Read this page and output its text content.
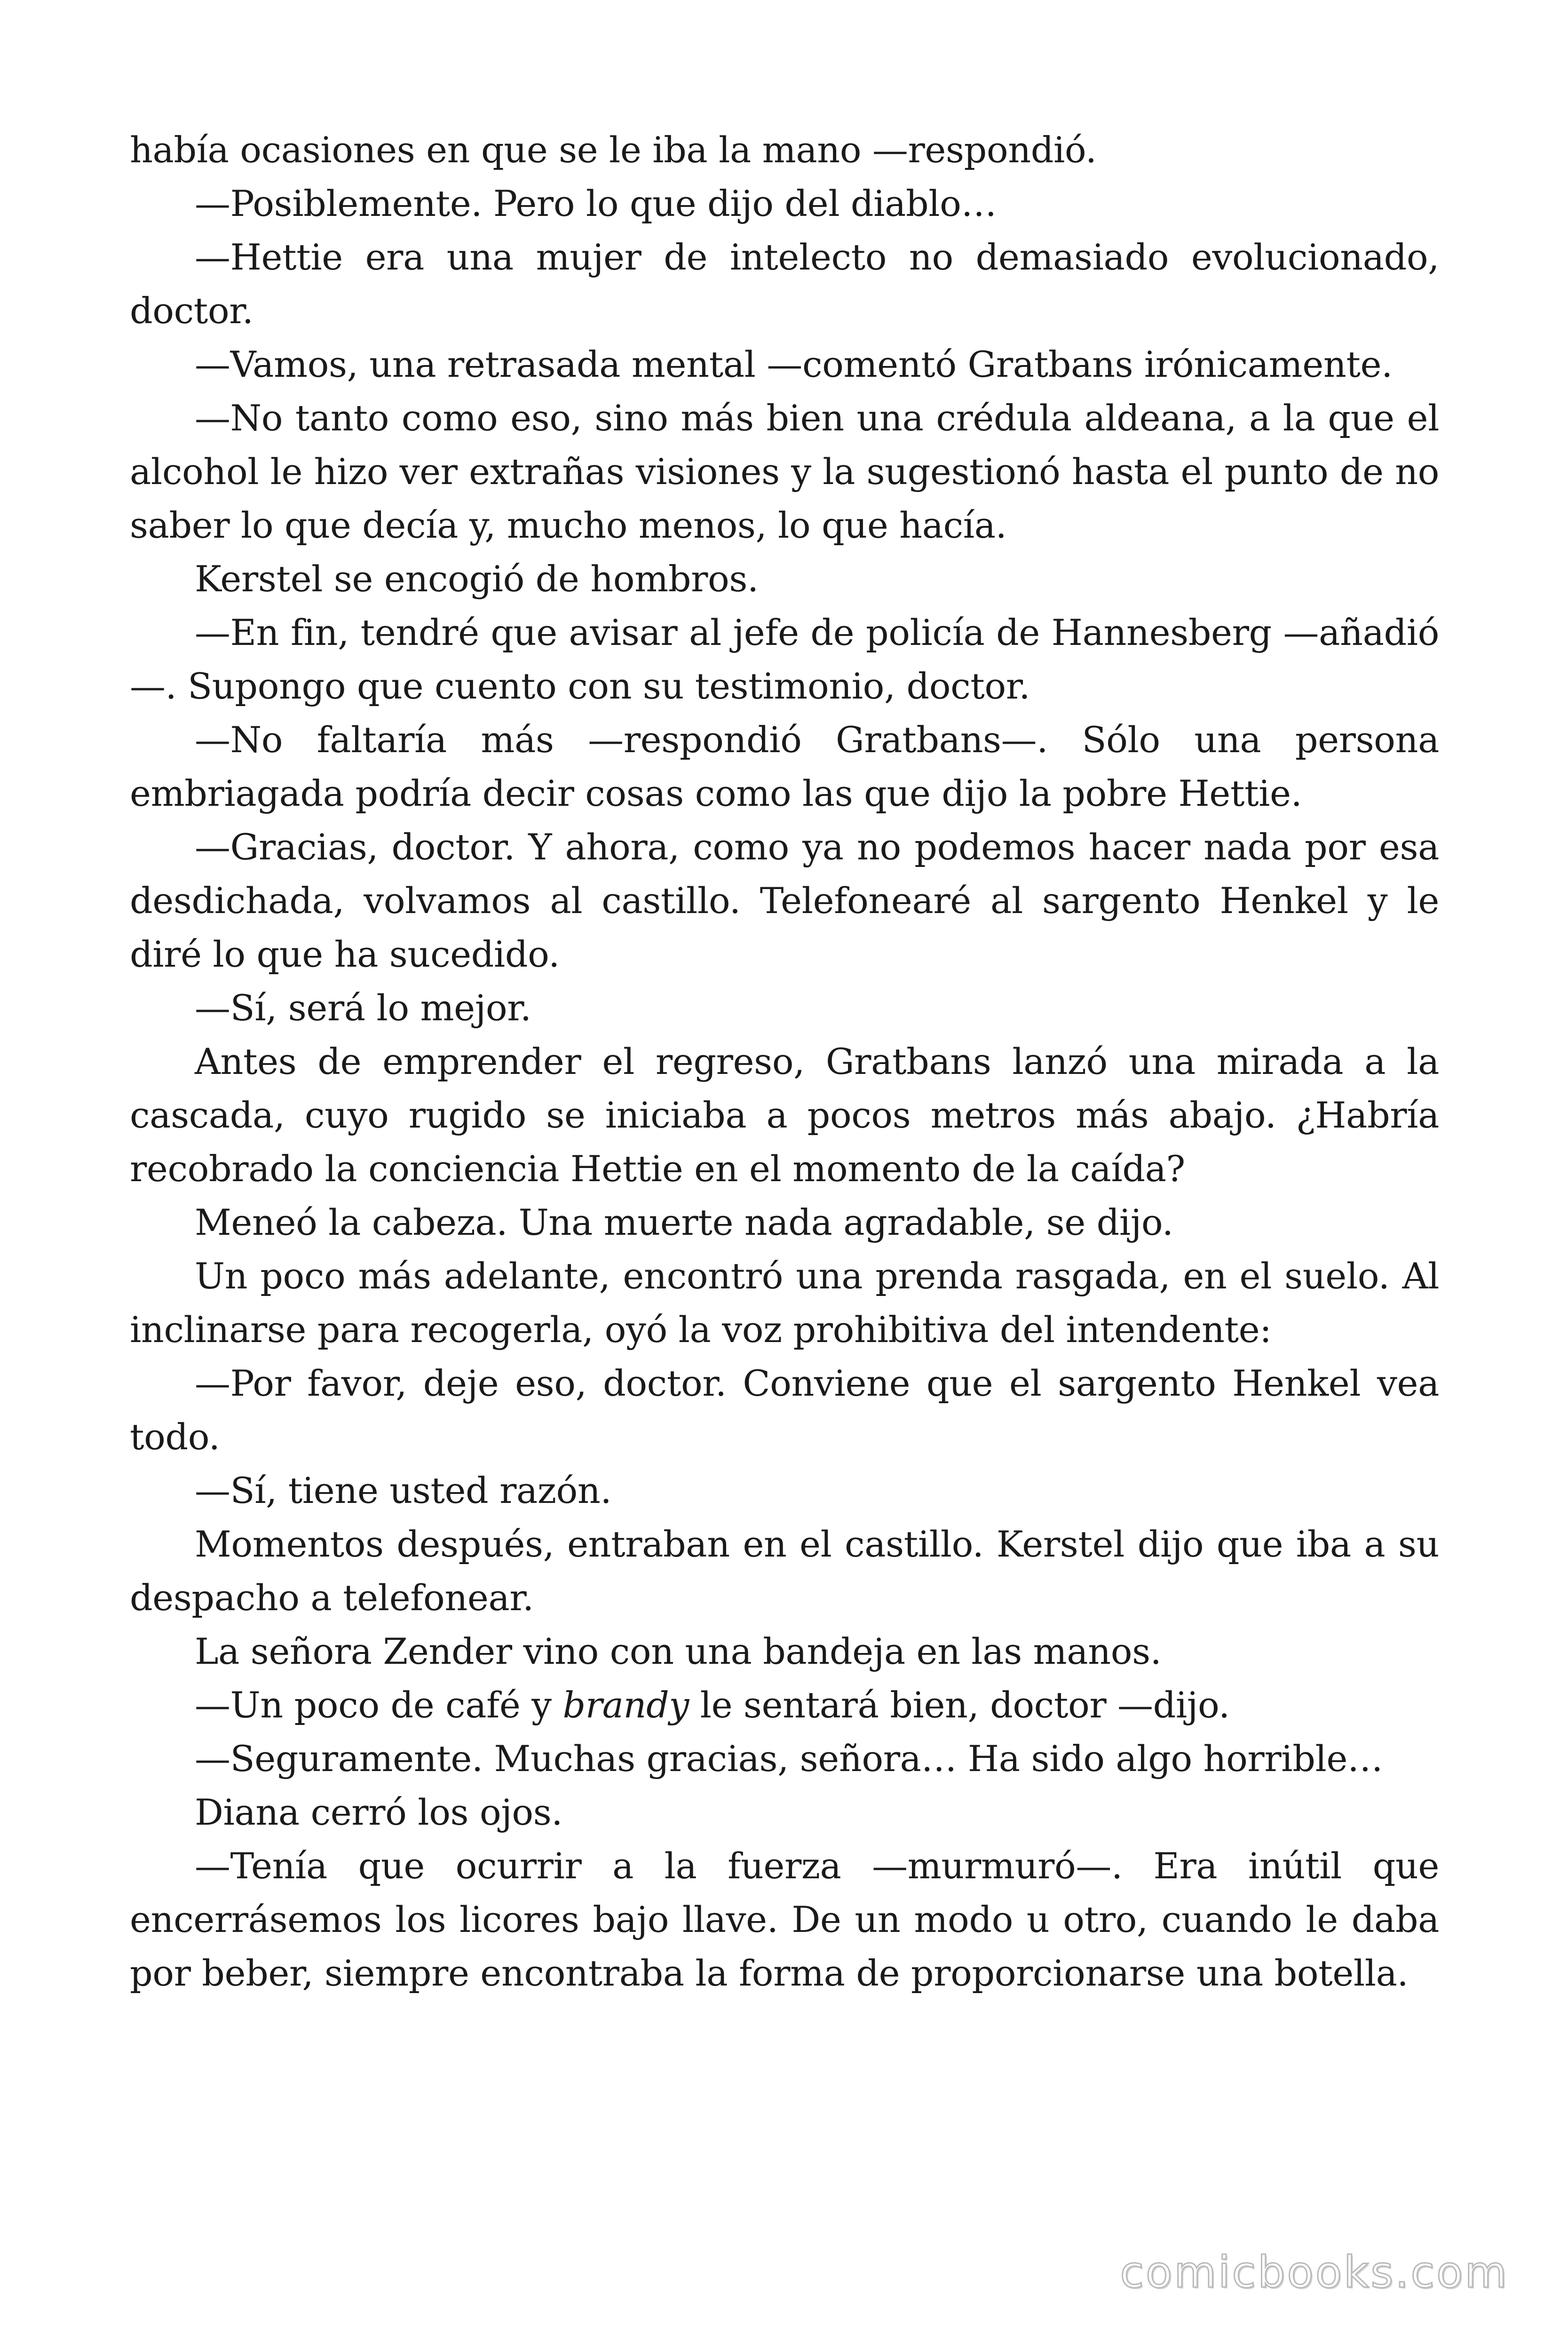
había ocasiones en que se le iba la mano —respondió.

—Posiblemente. Pero lo que dijo del diablo…

—Hettie era una mujer de intelecto no demasiado evolucionado, doctor.

—Vamos, una retrasada mental —comentó Gratbans irónicamente.

—No tanto como eso, sino más bien una crédula aldeana, a la que el alcohol le hizo ver extrañas visiones y la sugestionó hasta el punto de no saber lo que decía y, mucho menos, lo que hacía.

Kerstel se encogió de hombros.

—En fin, tendré que avisar al jefe de policía de Hannesberg —añadió—. Supongo que cuento con su testimonio, doctor.

—No faltaría más —respondió Gratbans—. Sólo una persona embriagada podría decir cosas como las que dijo la pobre Hettie.

—Gracias, doctor. Y ahora, como ya no podemos hacer nada por esa desdichada, volvamos al castillo. Telefonearé al sargento Henkel y le diré lo que ha sucedido.

—Sí, será lo mejor.

Antes de emprender el regreso, Gratbans lanzó una mirada a la cascada, cuyo rugido se iniciaba a pocos metros más abajo. ¿Habría recobrado la conciencia Hettie en el momento de la caída?

Meneó la cabeza. Una muerte nada agradable, se dijo.

Un poco más adelante, encontró una prenda rasgada, en el suelo. Al inclinarse para recogerla, oyó la voz prohibitiva del intendente:

—Por favor, deje eso, doctor. Conviene que el sargento Henkel vea todo.

—Sí, tiene usted razón.

Momentos después, entraban en el castillo. Kerstel dijo que iba a su despacho a telefonear.

La señora Zender vino con una bandeja en las manos.

—Un poco de café y brandy le sentará bien, doctor —dijo.

—Seguramente. Muchas gracias, señora… Ha sido algo horrible…

Diana cerró los ojos.

—Tenía que ocurrir a la fuerza —murmuró—. Era inútil que encerrásemos los licores bajo llave. De un modo u otro, cuando le daba por beber, siempre encontraba la forma de proporcionarse una botella.

comicbooks.com
